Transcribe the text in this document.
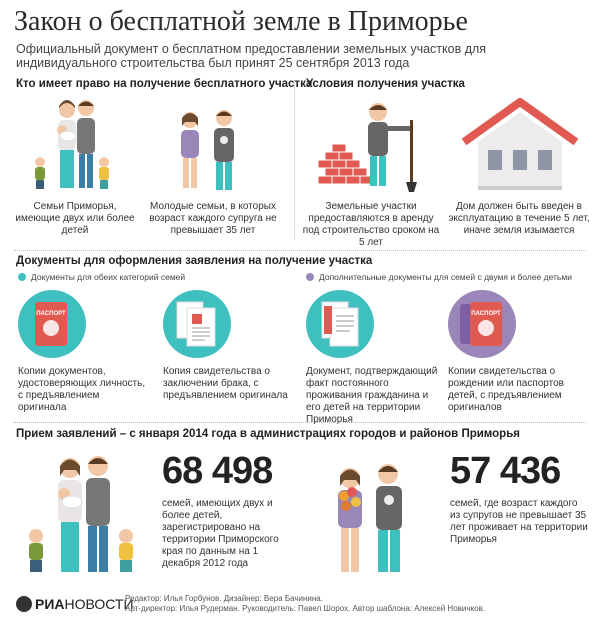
Закон о бесплатной земле в Приморье
Официальный документ о бесплатном предоставлении земельных участков для индивидуального строительства был принят 25 сентября 2013 года
Кто имеет право на получение бесплатного участка
Условия получения участка
Семьи Приморья, имеющие двух или более детей
Молодые семьи, в которых возраст каждого супруга не превышает 35 лет
Земельные участки предоставляются в аренду под строительство сроком на 5 лет
Дом должен быть введен в эксплуатацию в течение 5 лет, иначе земля изымается
Документы для оформления заявления на получение участка
Документы для обеих категорий семей	Дополнительные документы для семей с двумя и более детьми
ПАСПОРТ	ПАСПОРТ
Копии документов, удостоверяющих личность, с предъявлением оригинала
Копия свидетельства о заключении брака, с предъявлением оригинала
Документ, подтверждающий факт постоянного проживания гражданина и его детей на территории Приморья
Копии свидетельства о рождении или паспортов детей, с предъявлением оригиналов
Прием заявлений – с января 2014 года в администрациях городов и районов Приморья
68 498
семей, имеющих двух и более детей, зарегистрировано на территории Приморского края по данным на 1 декабря 2012 года
57 436
семей, где возраст каждого из супругов не превышает 35 лет проживает на территории Приморья
РИАНОВОСТИ
Редактор: Илья Горбунов. Дизайнер: Вера Бачинина.
Арт-директор: Илья Рудерман. Руководитель: Павел Шорох. Автор шаблона: Алексей Новичков.
